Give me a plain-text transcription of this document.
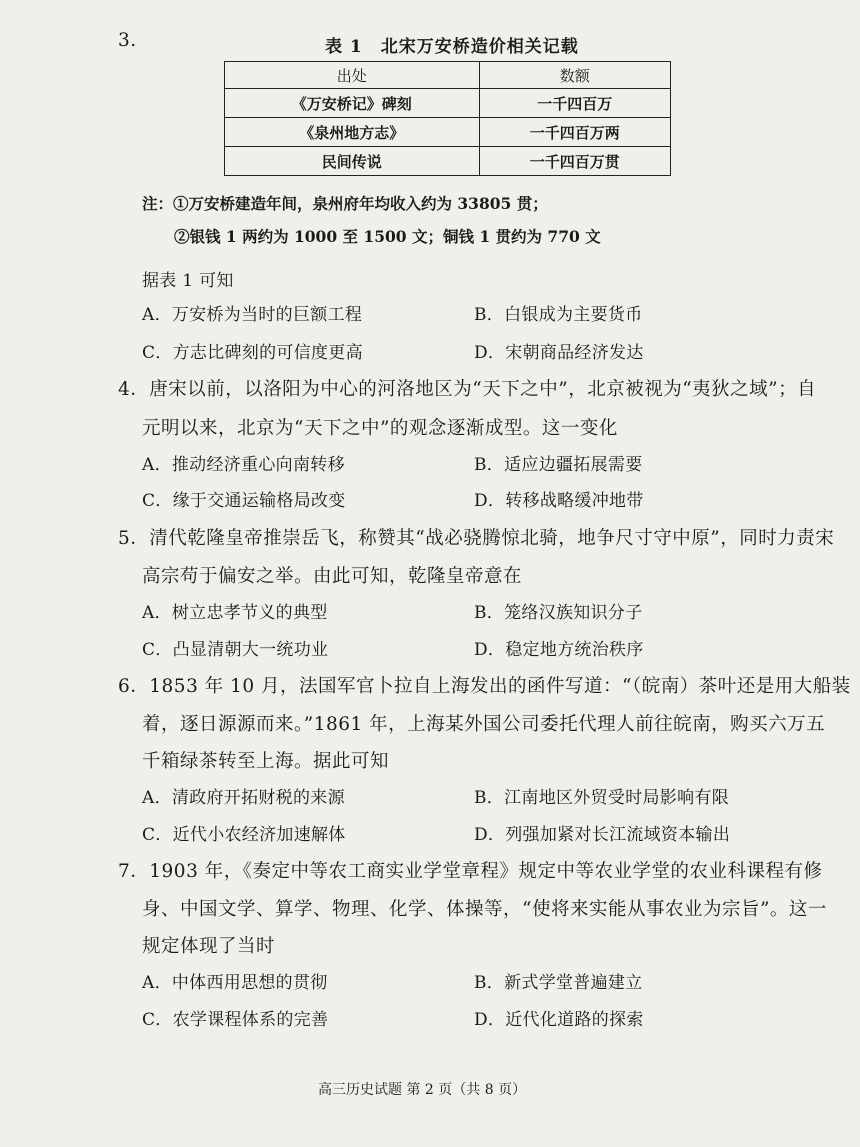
3.	表 1　北宋万安桥造价相关记载
出处	数额
《万安桥记》碑刻	一千四百万
《泉州地方志》	一千四百万两
民间传说	一千四百万贯
注：①万安桥建造年间，泉州府年均收入约为 33805 贯；
②银钱 1 两约为 1000 至 1500 文；铜钱 1 贯约为 770 文
据表 1 可知
A．万安桥为当时的巨额工程	B．白银成为主要货币
C．方志比碑刻的可信度更高	D．宋朝商品经济发达
4．唐宋以前，以洛阳为中心的河洛地区为“天下之中”，北京被视为“夷狄之域”；自
元明以来，北京为“天下之中”的观念逐渐成型。这一变化
A．推动经济重心向南转移	B．适应边疆拓展需要
C．缘于交通运输格局改变	D．转移战略缓冲地带
5．清代乾隆皇帝推崇岳飞，称赞其“战必骁腾惊北骑，地争尺寸守中原”，同时力责宋
高宗苟于偏安之举。由此可知，乾隆皇帝意在
A．树立忠孝节义的典型	B．笼络汉族知识分子
C．凸显清朝大一统功业	D．稳定地方统治秩序
6．1853 年 10 月，法国军官卜拉自上海发出的函件写道：“（皖南）茶叶还是用大船装
着，逐日源源而来。”1861 年，上海某外国公司委托代理人前往皖南，购买六万五
千箱绿茶转至上海。据此可知
A．清政府开拓财税的来源	B．江南地区外贸受时局影响有限
C．近代小农经济加速解体	D．列强加紧对长江流域资本输出
7．1903 年，《奏定中等农工商实业学堂章程》规定中等农业学堂的农业科课程有修
身、中国文学、算学、物理、化学、体操等，“使将来实能从事农业为宗旨”。这一
规定体现了当时
A．中体西用思想的贯彻	B．新式学堂普遍建立
C．农学课程体系的完善	D．近代化道路的探索
高三历史试题 第 2 页（共 8 页）
